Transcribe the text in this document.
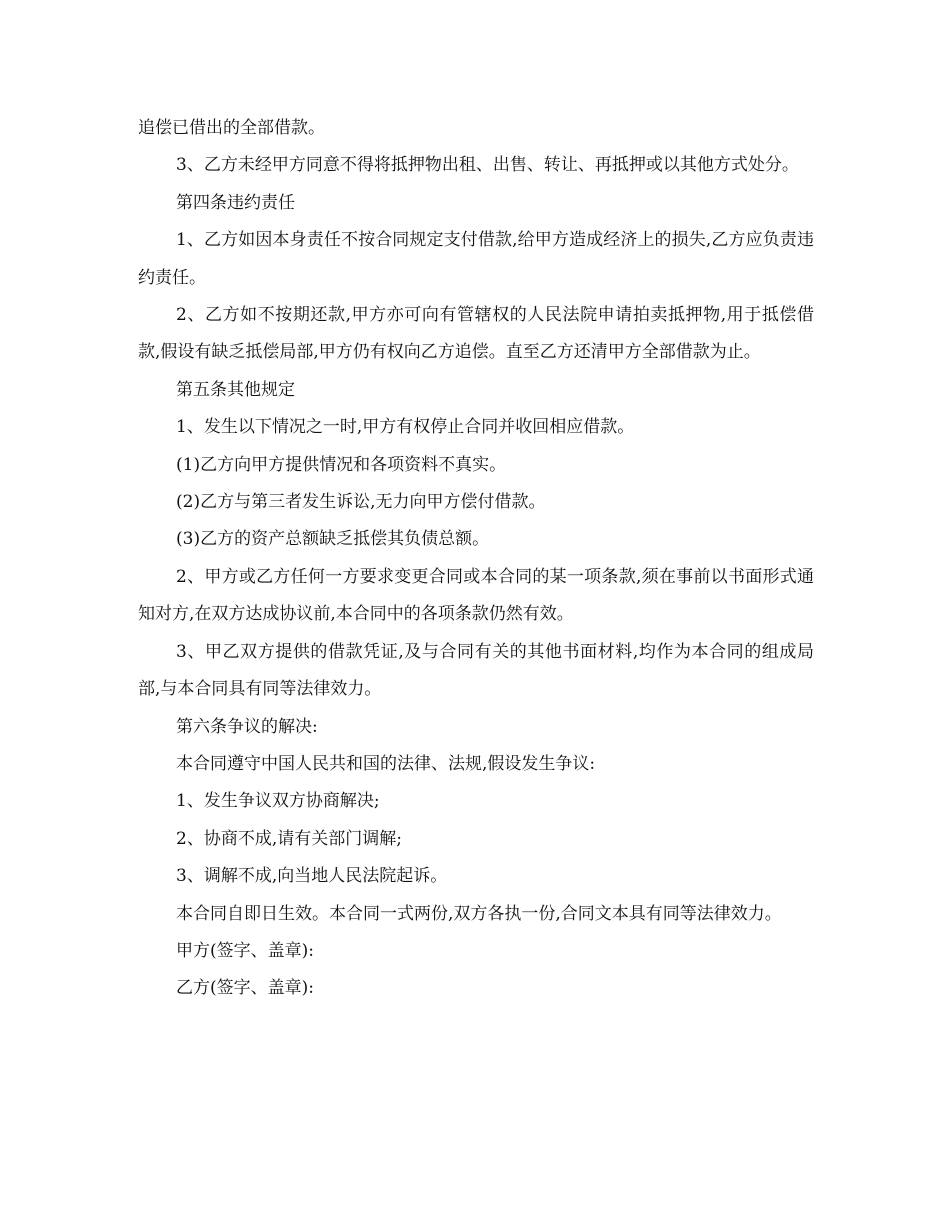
追偿已借出的全部借款。

3、乙方未经甲方同意不得将抵押物出租、出售、转让、再抵押或以其他方式处分。

第四条违约责任

1、乙方如因本身责任不按合同规定支付借款,给甲方造成经济上的损失,乙方应负责违约责任。

2、乙方如不按期还款,甲方亦可向有管辖权的人民法院申请拍卖抵押物,用于抵偿借款,假设有缺乏抵偿局部,甲方仍有权向乙方追偿。直至乙方还清甲方全部借款为止。

第五条其他规定

1、发生以下情况之一时,甲方有权停止合同并收回相应借款。

(1)乙方向甲方提供情况和各项资料不真实。

(2)乙方与第三者发生诉讼,无力向甲方偿付借款。

(3)乙方的资产总额缺乏抵偿其负债总额。

2、甲方或乙方任何一方要求变更合同或本合同的某一项条款,须在事前以书面形式通知对方,在双方达成协议前,本合同中的各项条款仍然有效。

3、甲乙双方提供的借款凭证,及与合同有关的其他书面材料,均作为本合同的组成局部,与本合同具有同等法律效力。

第六条争议的解决:

本合同遵守中国人民共和国的法律、法规,假设发生争议:

1、发生争议双方协商解决;

2、协商不成,请有关部门调解;

3、调解不成,向当地人民法院起诉。

本合同自即日生效。本合同一式两份,双方各执一份,合同文本具有同等法律效力。

甲方(签字、盖章):

乙方(签字、盖章):
